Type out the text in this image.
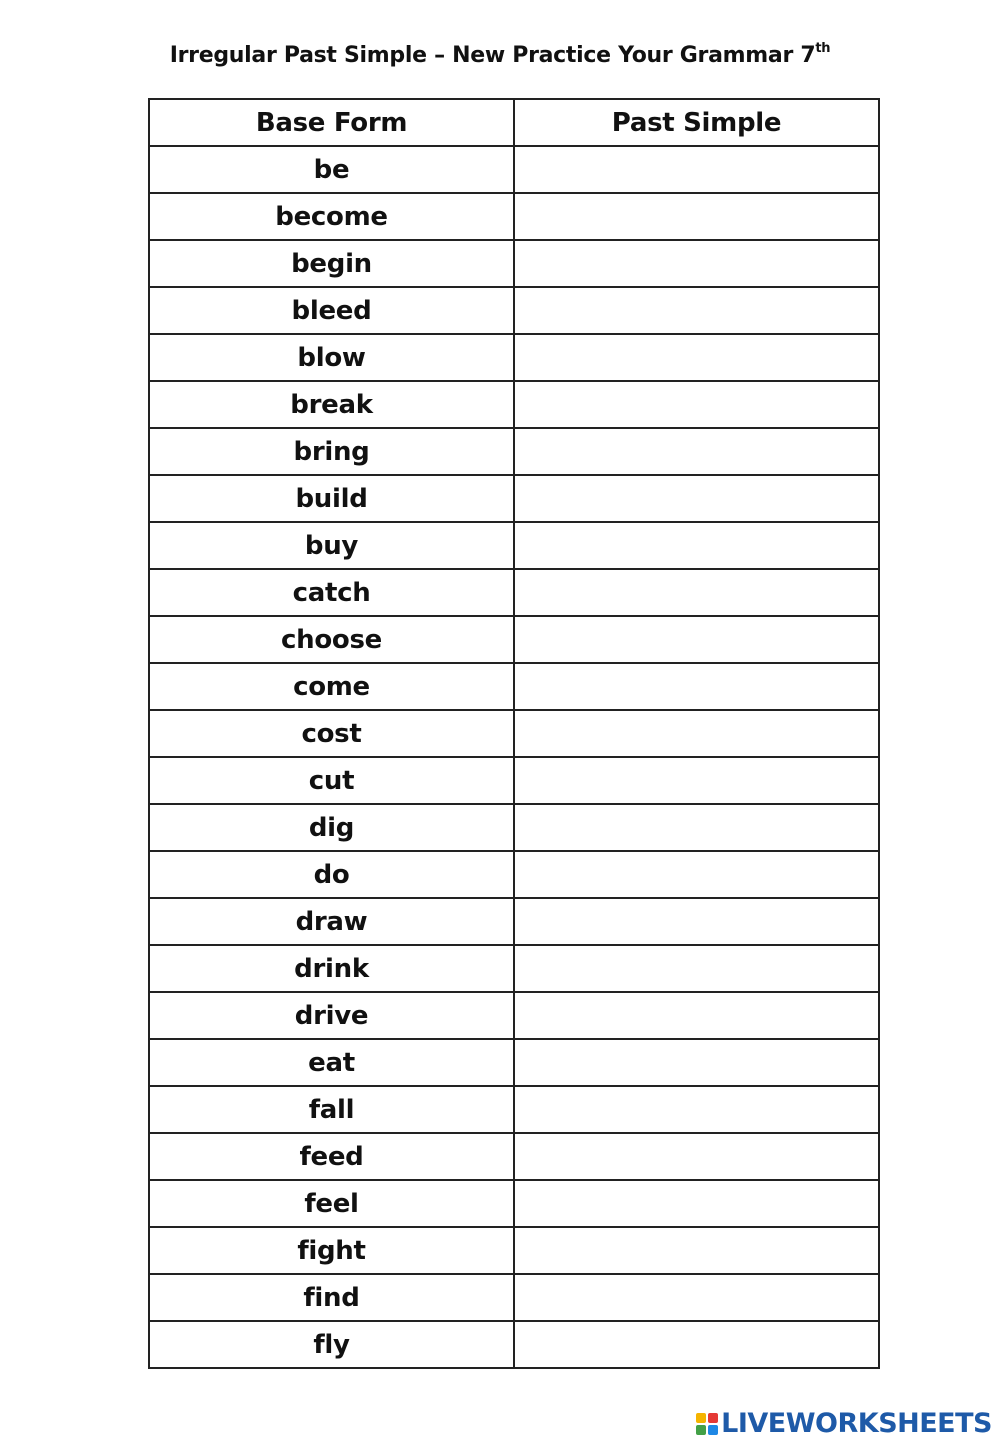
Irregular Past Simple – New Practice Your Grammar 7th
Base Form	Past Simple
be	
become	
begin	
bleed	
blow	
break	
bring	
build	
buy	
catch	
choose	
come	
cost	
cut	
dig	
do	
draw	
drink	
drive	
eat	
fall	
feed	
feel	
fight	
find	
fly	
LIVEWORKSHEETS
